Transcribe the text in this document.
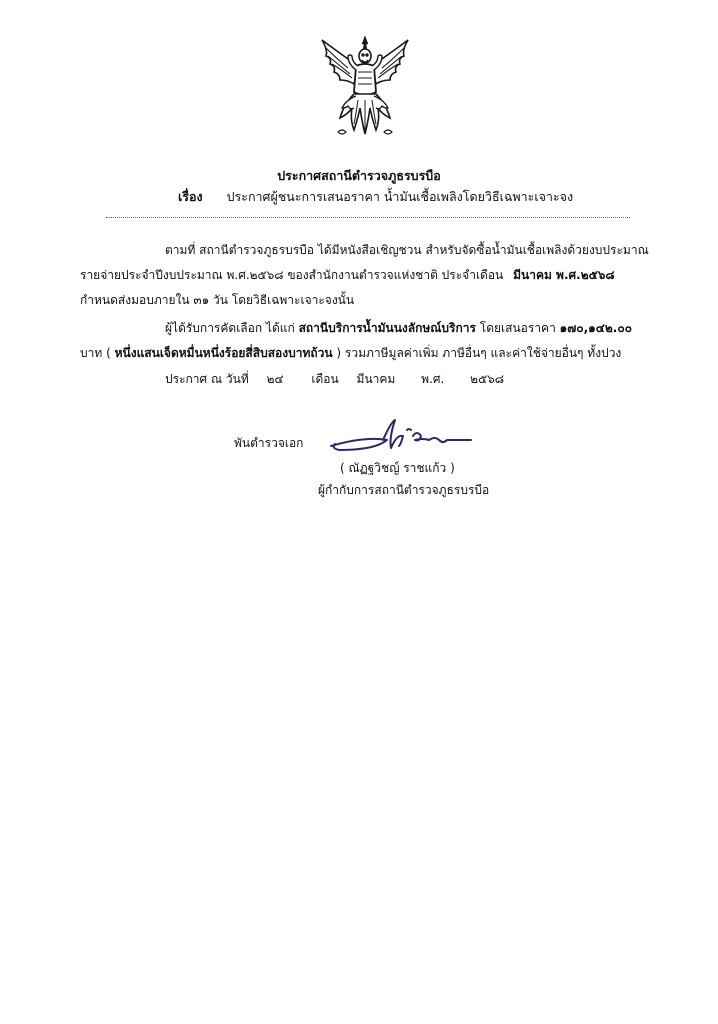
ประกาศสถานีตำรวจภูธรบรบือ
เรื่อง ประกาศผู้ชนะการเสนอราคา น้ำมันเชื้อเพลิงโดยวิธีเฉพาะเจาะจง
ตามที่ สถานีตำรวจภูธรบรบือ ได้มีหนังสือเชิญชวน สำหรับจัดซื้อน้ำมันเชื้อเพลิงด้วยงบประมาณ
รายจ่ายประจำปีงบประมาณ พ.ศ.๒๕๖๘ ของสำนักงานตำรวจแห่งชาติ ประจำเดือน มีนาคม พ.ศ.๒๕๖๘
กำหนดส่งมอบภายใน ๓๑ วัน โดยวิธีเฉพาะเจาะจงนั้น
ผู้ได้รับการคัดเลือก ได้แก่ สถานีบริการน้ำมันนงลักษณ์บริการ โดยเสนอราคา ๑๗๐,๑๔๒.๐๐
บาท ( หนึ่งแสนเจ็ดหมื่นหนึ่งร้อยสี่สิบสองบาทถ้วน ) รวมภาษีมูลค่าเพิ่ม ภาษีอื่นๆ และค่าใช้จ่ายอื่นๆ ทั้งปวง
ประกาศ ณ วันที่ ๒๔ เดือน มีนาคม พ.ศ. ๒๕๖๘
พันตำรวจเอก
( ณัฏฐวิชญ์ ราชแก้ว )
ผู้กำกับการสถานีตำรวจภูธรบรบือ
